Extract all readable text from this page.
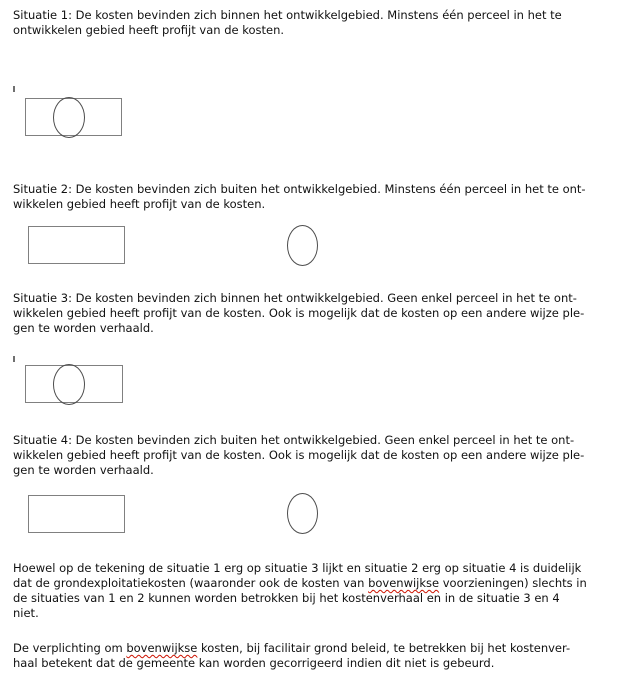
Situatie 1: De kosten bevinden zich binnen het ontwikkelgebied. Minstens één perceel in het te
ontwikkelen gebied heeft profijt van de kosten.
Situatie 2: De kosten bevinden zich buiten het ontwikkelgebied. Minstens één perceel in het te ont-
wikkelen gebied heeft profijt van de kosten.
Situatie 3: De kosten bevinden zich binnen het ontwikkelgebied. Geen enkel perceel in het te ont-
wikkelen gebied heeft profijt van de kosten. Ook is mogelijk dat de kosten op een andere wijze ple-
gen te worden verhaald.
Situatie 4: De kosten bevinden zich buiten het ontwikkelgebied. Geen enkel perceel in het te ont-
wikkelen gebied heeft profijt van de kosten. Ook is mogelijk dat de kosten op een andere wijze ple-
gen te worden verhaald.
Hoewel op de tekening de situatie 1 erg op situatie 3 lijkt en situatie 2 erg op situatie 4 is duidelijk
dat de grondexploitatiekosten (waaronder ook de kosten van bovenwijkse voorzieningen) slechts in
de situaties van 1 en 2 kunnen worden betrokken bij het kostenverhaal en in de situatie 3 en 4
niet.
De verplichting om bovenwijkse kosten, bij facilitair grond beleid, te betrekken bij het kostenver-
haal betekent dat de gemeente kan worden gecorrigeerd indien dit niet is gebeurd.
